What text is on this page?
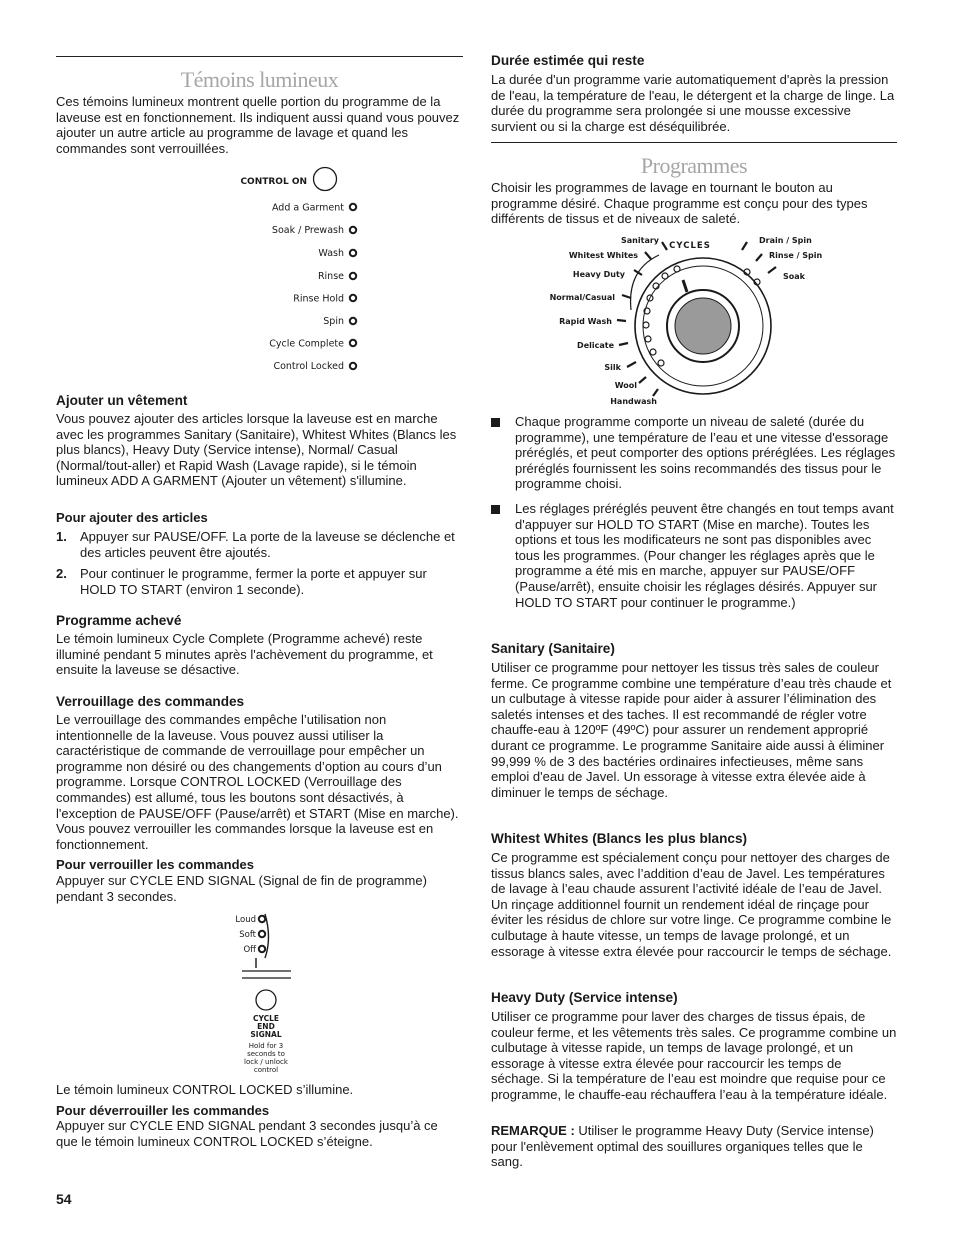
Témoins lumineux

Ces témoins lumineux montrent quelle portion du programme de la laveuse est en fonctionnement. Ils indiquent aussi quand vous pouvez ajouter un autre article au programme de lavage et quand les commandes sont verrouillées.

CONTROL ON
Add a Garment
Soak / Prewash
Wash
Rinse
Rinse Hold
Spin
Cycle Complete
Control Locked
Ajouter un vêtement

Vous pouvez ajouter des articles lorsque la laveuse est en marche avec les programmes Sanitary (Sanitaire), Whitest Whites (Blancs les plus blancs), Heavy Duty (Service intense), Normal/ Casual (Normal/tout-aller) et Rapid Wash (Lavage rapide), si le témoin lumineux ADD A GARMENT (Ajouter un vêtement) s'illumine.

Pour ajouter des articles
1. Appuyer sur PAUSE/OFF. La porte de la laveuse se déclenche et des articles peuvent être ajoutés.

2. Pour continuer le programme, fermer la porte et appuyer sur HOLD TO START (environ 1 seconde).

Programme achevé

Le témoin lumineux Cycle Complete (Programme achevé) reste illuminé pendant 5 minutes après l'achèvement du programme, et ensuite la laveuse se désactive.

Verrouillage des commandes

Le verrouillage des commandes empêche l’utilisation non intentionnelle de la laveuse. Vous pouvez aussi utiliser la caractéristique de commande de verrouillage pour empêcher un programme non désiré ou des changements d’option au cours d’un programme. Lorsque CONTROL LOCKED (Verrouillage des commandes) est allumé, tous les boutons sont désactivés, à l'exception de PAUSE/OFF (Pause/arrêt) et START (Mise en marche). Vous pouvez verrouiller les commandes lorsque la laveuse est en fonctionnement.

Pour verrouiller les commandes

Appuyer sur CYCLE END SIGNAL (Signal de fin de programme) pendant 3 secondes.

Loud
Soft
Off
CYCLE
END
SIGNAL
Hold for 3
seconds to
lock / unlock
control

Le témoin lumineux CONTROL LOCKED s’illumine.

Pour déverrouiller les commandes

Appuyer sur CYCLE END SIGNAL pendant 3 secondes jusqu’à ce que le témoin lumineux CONTROL LOCKED s’éteigne.

Durée estimée qui reste

La durée d'un programme varie automatiquement d'après la pression de l'eau, la température de l'eau, le détergent et la charge de linge. La durée du programme sera prolongée si une mousse excessive survient ou si la charge est déséquilibrée.

Programmes

Choisir les programmes de lavage en tournant le bouton au programme désiré. Chaque programme est conçu pour des types différents de tissus et de niveaux de saleté.

CYCLES
Sanitary
Whitest Whites
Heavy Duty
Normal/Casual
Rapid Wash
Delicate
Silk
Wool
Handwash
Drain / Spin
Rinse / Spin
Soak

Chaque programme comporte un niveau de saleté (durée du programme), une température de l’eau et une vitesse d'essorage préréglés, et peut comporter des options préréglées. Les réglages préréglés fournissent les soins recommandés des tissus pour le programme choisi.

Les réglages préréglés peuvent être changés en tout temps avant d'appuyer sur HOLD TO START (Mise en marche). Toutes les options et tous les modificateurs ne sont pas disponibles avec tous les programmes. (Pour changer les réglages après que le programme a été mis en marche, appuyer sur PAUSE/OFF (Pause/arrêt), ensuite choisir les réglages désirés. Appuyer sur HOLD TO START pour continuer le programme.)

Sanitary (Sanitaire)

Utiliser ce programme pour nettoyer les tissus très sales de couleur ferme. Ce programme combine une température d’eau très chaude et un culbutage à vitesse rapide pour aider à assurer l’élimination des saletés intenses et des taches. Il est recommandé de régler votre chauffe-eau à 120ºF (49ºC) pour assurer un rendement approprié durant ce programme. Le programme Sanitaire aide aussi à éliminer 99,999 % de 3 des bactéries ordinaires infectieuses, même sans emploi d'eau de Javel. Un essorage à vitesse extra élevée aide à diminuer le temps de séchage.

Whitest Whites (Blancs les plus blancs)

Ce programme est spécialement conçu pour nettoyer des charges de tissus blancs sales, avec l’addition d’eau de Javel. Les températures de lavage à l’eau chaude assurent l’activité idéale de l’eau de Javel. Un rinçage additionnel fournit un rendement idéal de rinçage pour éviter les résidus de chlore sur votre linge. Ce programme combine le culbutage à haute vitesse, un temps de lavage prolongé, et un essorage à vitesse extra élevée pour raccourcir le temps de séchage.

Heavy Duty (Service intense)

Utiliser ce programme pour laver des charges de tissus épais, de couleur ferme, et les vêtements très sales. Ce programme combine un culbutage à vitesse rapide, un temps de lavage prolongé, et un essorage à vitesse extra élevée pour raccourcir les temps de séchage. Si la température de l’eau est moindre que requise pour ce programme, le chauffe-eau réchauffera l’eau à la température idéale.

REMARQUE : Utiliser le programme Heavy Duty (Service intense) pour l'enlèvement optimal des souillures organiques telles que le sang.

54
